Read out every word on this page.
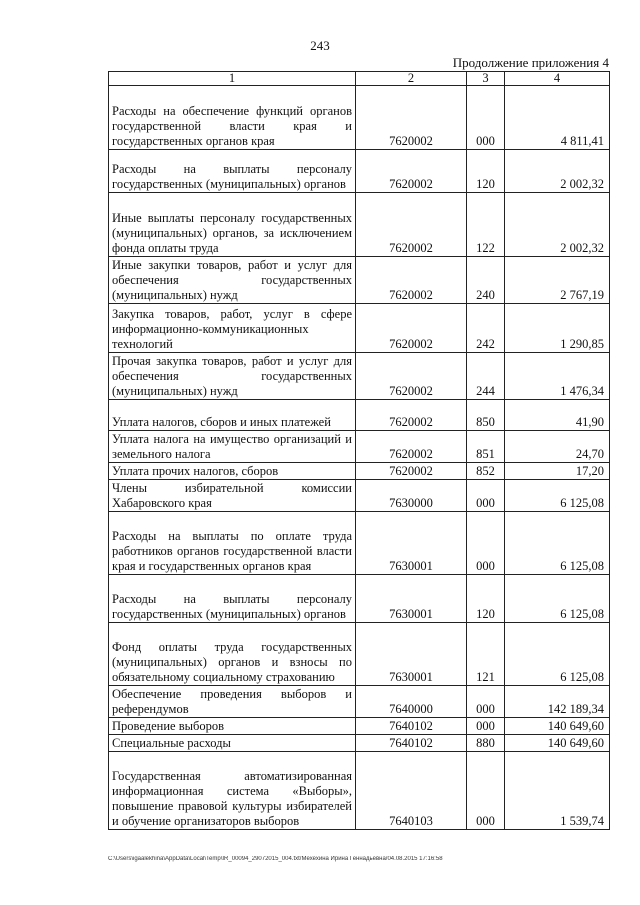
243
Продолжение приложения 4
1	2	3	4
Расходы на обеспечение функций органов государственной власти края и государственных органов края	7620002	000	4 811,41
Расходы на выплаты персоналу государственных (муниципальных) органов	7620002	120	2 002,32
Иные выплаты персоналу государственных (муниципальных) органов, за исключением фонда оплаты труда	7620002	122	2 002,32
Иные закупки товаров, работ и услуг для обеспечения государственных (муниципальных) нужд	7620002	240	2 767,19
Закупка товаров, работ, услуг в сфере информационно-коммуникационных технологий	7620002	242	1 290,85
Прочая закупка товаров, работ и услуг для обеспечения государственных (муниципальных) нужд	7620002	244	1 476,34
Уплата налогов, сборов и иных платежей	7620002	850	41,90
Уплата налога на имущество организаций и земельного налога	7620002	851	24,70
Уплата прочих налогов, сборов	7620002	852	17,20
Члены избирательной комиссии Хабаровского края	7630000	000	6 125,08
Расходы на выплаты по оплате труда работников органов государственной власти края и государственных органов края	7630001	000	6 125,08
Расходы на выплаты персоналу государственных (муниципальных) органов	7630001	120	6 125,08
Фонд оплаты труда государственных (муниципальных) органов и взносы по обязательному социальному страхованию	7630001	121	6 125,08
Обеспечение проведения выборов и референдумов	7640000	000	142 189,34
Проведение выборов	7640102	000	140 649,60
Специальные расходы	7640102	880	140 649,60
Государственная автоматизированная информационная система «Выборы», повышение правовой культуры избирателей и обучение организаторов выборов	7640103	000	1 539,74
C:\Users\igaalekhina\AppData\Local\Temp\IR_00094_29072015_004.txt/Мехехина Ирина Геннадьевна/04.08.2015 17:16:58
